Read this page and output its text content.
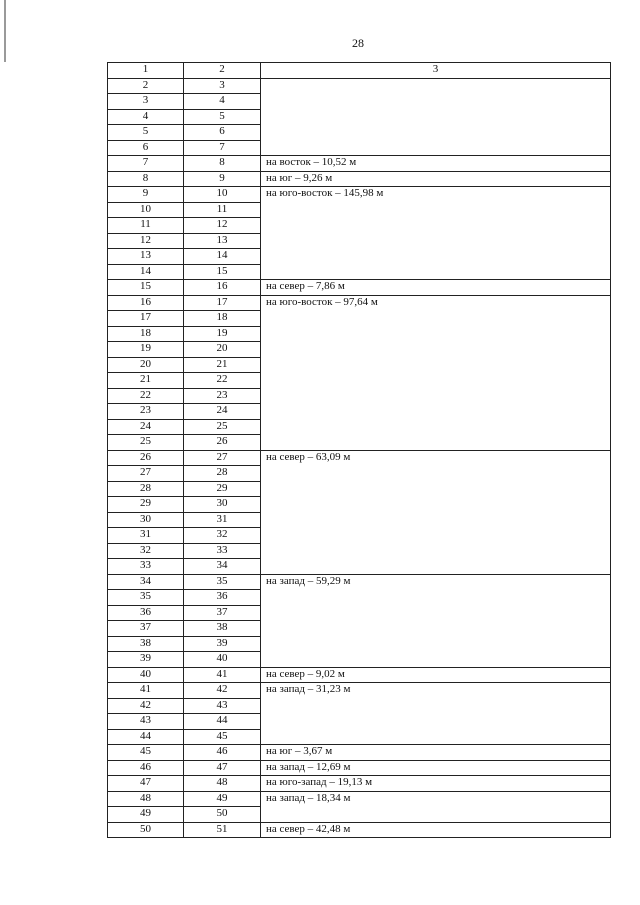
28
1	2	3
2	3	
3	4	
4	5	
5	6	
6	7	
7	8	на восток – 10,52 м
8	9	на юг – 9,26 м
9	10	на юго-восток – 145,98 м
10	11	
11	12	
12	13	
13	14	
14	15	
15	16	на север – 7,86 м
16	17	на юго-восток – 97,64 м
17	18	
18	19	
19	20	
20	21	
21	22	
22	23	
23	24	
24	25	
25	26	
26	27	на север – 63,09 м
27	28	
28	29	
29	30	
30	31	
31	32	
32	33	
33	34	
34	35	на запад – 59,29 м
35	36	
36	37	
37	38	
38	39	
39	40	
40	41	на север – 9,02 м
41	42	на запад – 31,23 м
42	43	
43	44	
44	45	
45	46	на юг – 3,67 м
46	47	на запад – 12,69 м
47	48	на юго-запад – 19,13 м
48	49	на запад – 18,34 м
49	50	
50	51	на север – 42,48 м
